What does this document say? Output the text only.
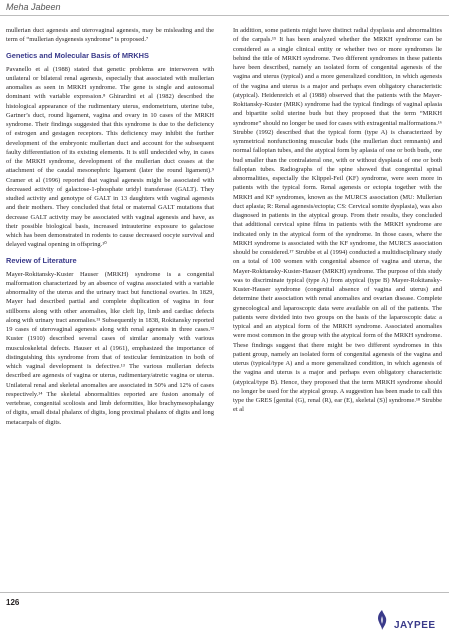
Meha Jabeen

mullerian duct agenesis and uterovaginal agenesis, may be misleading and the term of “mullerian dysgenesis syndrome” is proposed.⁷

Genetics and Molecular Basis of MRKHS

Pavanello et al (1988) stated that genetic problems are interwoven with unilateral or bilateral renal agenesis, especially that associated with mullerian anomalies as seen in MRKH syndrome. The gene is single and autosomal dominant with variable expression.⁸ Ghirardini et al (1982) described the histological appearance of the rudimentary uterus, endometrium, uterine tube, Gartner’s duct, round ligament, vagina and ovary in 10 cases of the MRKH syndrome. Their findings suggested that this syndrome is due to the deficiency of estrogen and gestagen receptors. This deficiency may inhibit the further development of the embryonic mullerian duct and account for the subsequent faulty differentiation of its existing elements. It is still undecided why, in cases of the MRKH syndrome, development of the mullerian duct ceases at the attachment of the caudal mesonephric ligament (later the round ligament).⁹ Cramer et al (1996) reported that vaginal agenesis might be associated with decreased activity of galactose-1-phosphate uridyl transferase (GALT). They studied activity and genotype of GALT in 13 daughters with vaginal agenesis and their mothers. They concluded that fetal or maternal GALT mutations that decrease GALT activity may be associated with vaginal agenesis and have, as their possible biological basis, increased intrauterine exposure to galactose which has been demonstrated in rodents to cause decreased oocyte survival and delayed vaginal opening in offspring.¹⁰

Review of Literature

Mayer-Rokitansky-Kuster Hauser (MRKH) syndrome is a congenital malformation characterized by an absence of vagina associated with a variable abnormality of the uterus and the urinary tract but functional ovaries. In 1829, Mayer had described partial and complete duplication of vagina in four stillborns along with other anomalies, like cleft lip, limb and cardiac defects along with urinary tract anomalies.³¹ Subsequently in 1838, Rokitansky reported 19 cases of uterovaginal agenesis along with renal agenesis in three cases.¹² Kuster (1910) described several cases of similar anomaly with various musculoskeletal defects. Hauser et al (1961), emphasized the importance of distinguishing this syndrome from that of testicular feminization in both of which vaginal development is defective.¹³ The various mullerian defects described are agenesis of vagina or uterus, rudimentary/atretic vagina or uterus. Unilateral renal and skeletal anomalies are associated in 50% and 12% of cases respectively.¹⁴ The skeletal abnormalities reported are fusion anomaly of vertebrae, congenital scoliosis and limb deformities, like brachymesophalangy of digits, small distal phalanx of digits, long proximal phalanx of digits and long metacarpals of digits.

In addition, some patients might have distinct radial dysplasia and abnormalities of the carpals.¹⁵ It has been analyzed whether the MRKH syndrome can be considered as a single clinical entity or whether two or more syndromes lie behind the title of MRKH syndrome. Two different syndromes in these patients have been described, namely an isolated form of congenital agenesis of the vagina and uterus (typical) and a more generalized condition, in which agenesis of the vagina and uterus is a major and perhaps even obligatory characteristic (atypical). Heidenreich et al (1988) observed that the patients with the Mayer-Rokitansky-Kuster (MRK) syndrome had the typical findings of vaginal aplasia and bipartite solid uterine buds but they proposed that the term “MRKH syndrome” should no longer be used for cases with extragenital malformations.¹⁶ Strubbe (1992) described that the typical form (type A) is characterized by symmetrical nonfunctioning muscular buds (the mullerian duct remnants) and normal fallopian tubes, and the atypical form by aplasia of one or both buds, one bud smaller than the contralateral one, with or without dysplasia of one or both fallopian tubes. Radiographs of the spine showed that congenital spinal abnormalities, especially the Klippel-Feil (KF) syndrome, were seen more in patients with the typical form. Renal agenesis or ectopia together with the MRKH and KF syndromes, known as the MURCS association (MU: Mullerian duct aplasia; R: Renal agenesis/ectopia; CS: Cervical somite dysplasia), was also diagnosed in patients in the atypical group. From their results, they concluded that additional cervical spine films in patients with the MRKH syndrome are indicated only in the atypical form of the syndrome. In those cases, where the MRKH syndrome is associated with the KF syndrome, the MURCS association should be considered.¹⁷ Strubbe et al (1994) conducted a multidisciplinary study on a total of 100 women with congenital absence of vagina and uterus, the Mayer-Rokitansky-Kuster-Hauser (MRKH) syndrome. The purpose of this study was to discriminate typical (type A) from atypical (type B) Mayer-Rokitansky-Kuster-Hauser syndrome (congenital absence of vagina and uterus) and determine their association with renal anomalies and ovarian disease. Complete gynecological and laparoscopic data were available on all of the patients. The patients were divided into two groups on the basis of the laparoscopic data: a typical and an atypical form of the MRKH syndrome. Associated anomalies were most common in the group with the atypical form of the MRKH syndrome. These findings suggest that there might be two different syndromes in this patient group, namely an isolated form of congenital agenesis of the vagina and uterus (typical/type A) and a more generalized condition, in which agenesis of the vagina and uterus is a major and perhaps even obligatory characteristic (atypical/type B). Hence, they proposed that the term MRKH syndrome should no longer be used for the atypical group. A suggestion has been made to call this type the GRES [genital (G), renal (R), ear (E), skeletal (S)] syndrome.¹⁸ Strubbe et al

126
JAYPEE
